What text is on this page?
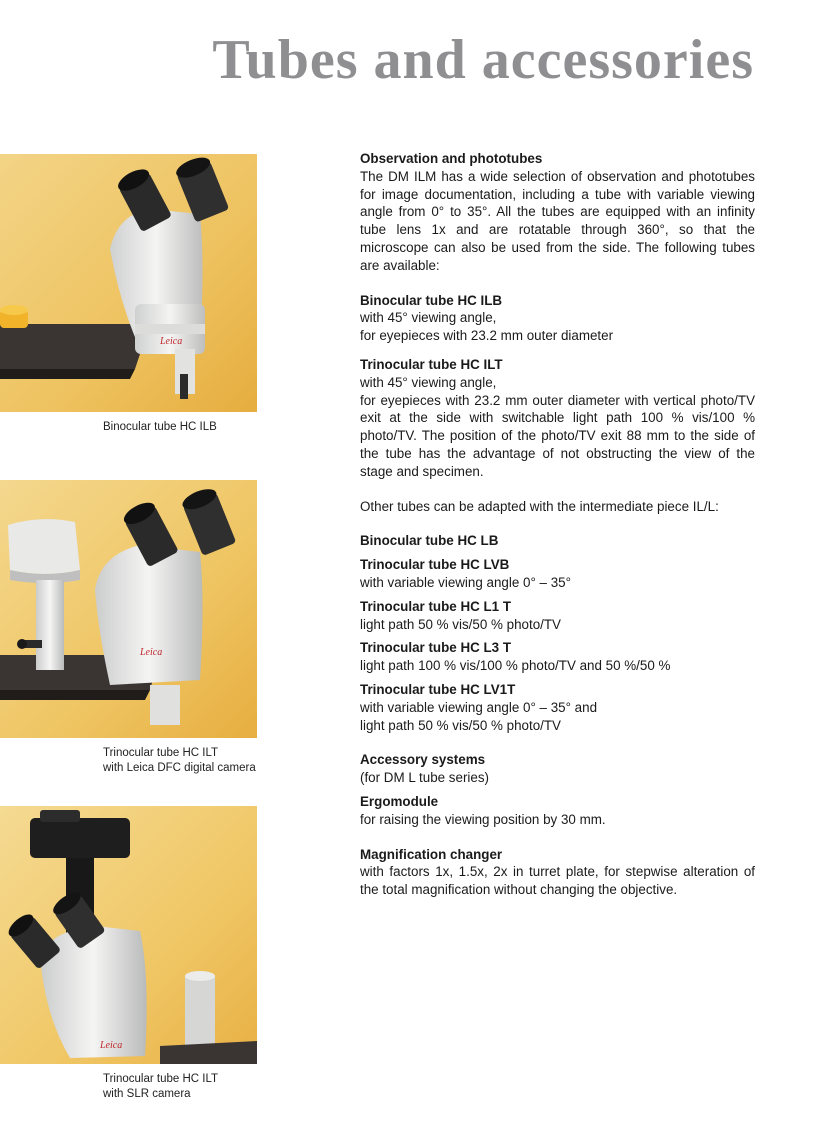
Tubes and accessories
Leica
Binocular tube HC ILB
Leica
Trinocular tube HC ILT
with Leica DFC digital camera
Leica
Trinocular tube HC ILT
with SLR camera
Observation and phototubes

The DM ILM has a wide selection of observation and phototubes for image documentation, including a tube with variable viewing angle from 0° to 35°. All the tubes are equipped with an infinity tube lens 1x and are rotatable through 360°, so that the microscope can also be used from the side. The following tubes are available:

Binocular tube HC ILB

with 45° viewing angle,

for eyepieces with 23.2 mm outer diameter

Trinocular tube HC ILT

with 45° viewing angle,

for eyepieces with 23.2 mm outer diameter with vertical photo/TV exit at the side with switchable light path 100 % vis/100 % photo/TV. The position of the photo/TV exit 88 mm to the side of the tube has the advantage of not obstructing the view of the stage and specimen.

Other tubes can be adapted with the intermediate piece IL/L:

Binocular tube HC LB
Trinocular tube HC LVB

with variable viewing angle 0° – 35°

Trinocular tube HC L1 T

light path 50 % vis/50 % photo/TV

Trinocular tube HC L3 T

light path 100 % vis/100 % photo/TV and 50 %/50 %

Trinocular tube HC LV1T

with variable viewing angle 0° – 35° and

light path 50 % vis/50 % photo/TV

Accessory systems

(for DM L tube series)

Ergomodule

for raising the viewing position by 30 mm.

Magnification changer

with factors 1x, 1.5x, 2x in turret plate, for stepwise alteration of the total magnification without changing the objective.
